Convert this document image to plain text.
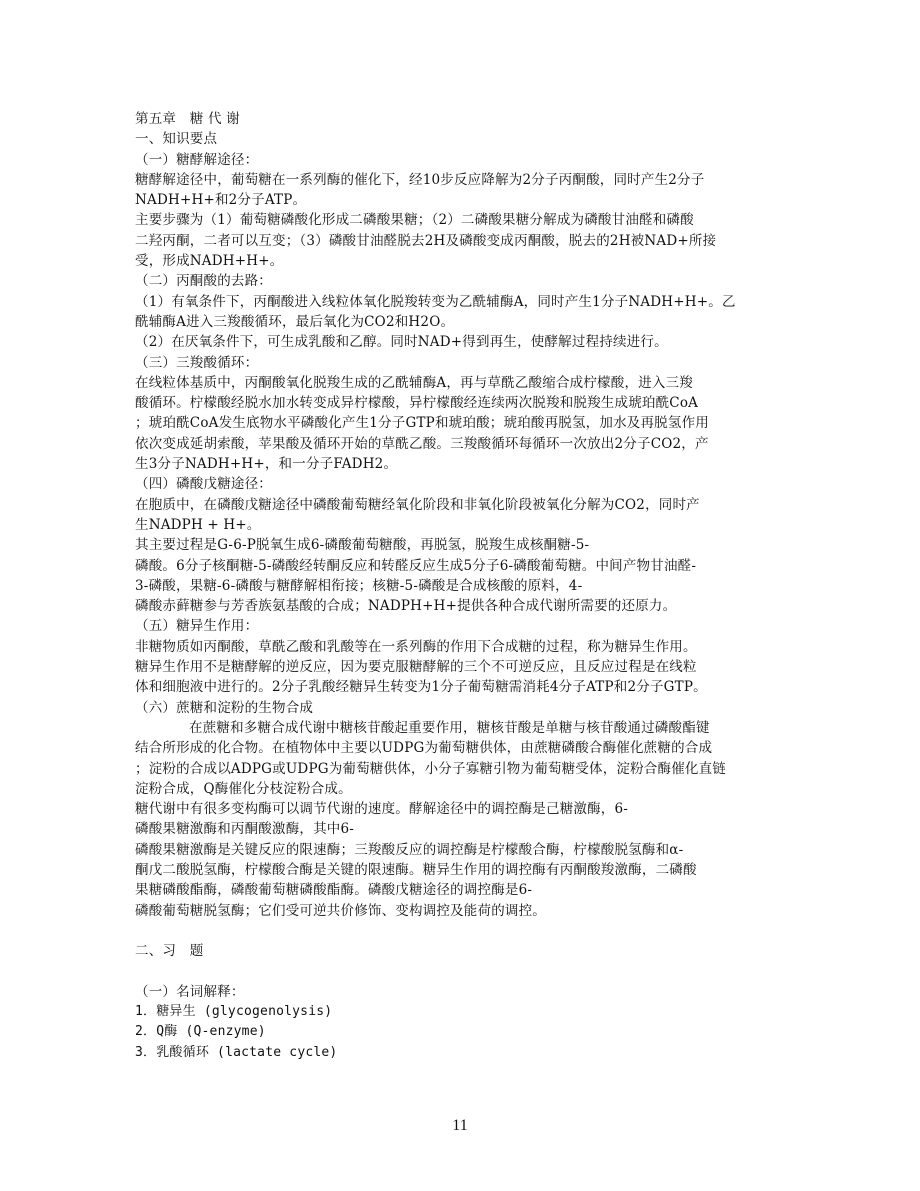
第五章　糖 代 谢
一、知识要点
（一）糖酵解途径：
糖酵解途径中，葡萄糖在一系列酶的催化下，经10步反应降解为2分子丙酮酸，同时产生2分子
NADH+H+和2分子ATP。
主要步骤为（1）葡萄糖磷酸化形成二磷酸果糖；（2）二磷酸果糖分解成为磷酸甘油醛和磷酸
二羟丙酮，二者可以互变；（3）磷酸甘油醛脱去2H及磷酸变成丙酮酸，脱去的2H被NAD+所接
受，形成NADH+H+。
（二）丙酮酸的去路：
（1）有氧条件下，丙酮酸进入线粒体氧化脱羧转变为乙酰辅酶A，同时产生1分子NADH+H+。乙
酰辅酶A进入三羧酸循环，最后氧化为CO2和H2O。
（2）在厌氧条件下，可生成乳酸和乙醇。同时NAD+得到再生，使酵解过程持续进行。
（三）三羧酸循环：
在线粒体基质中，丙酮酸氧化脱羧生成的乙酰辅酶A，再与草酰乙酸缩合成柠檬酸，进入三羧
酸循环。柠檬酸经脱水加水转变成异柠檬酸，异柠檬酸经连续两次脱羧和脱羧生成琥珀酰CoA
；琥珀酰CoA发生底物水平磷酸化产生1分子GTP和琥珀酸；琥珀酸再脱氢，加水及再脱氢作用
依次变成延胡索酸，苹果酸及循环开始的草酰乙酸。三羧酸循环每循环一次放出2分子CO2，产
生3分子NADH+H+，和一分子FADH2。
（四）磷酸戊糖途径：
在胞质中，在磷酸戊糖途径中磷酸葡萄糖经氧化阶段和非氧化阶段被氧化分解为CO2，同时产
生NADPH + H+。
其主要过程是G-6-P脱氧生成6-磷酸葡萄糖酸，再脱氢，脱羧生成核酮糖-5-
磷酸。6分子核酮糖-5-磷酸经转酮反应和转醛反应生成5分子6-磷酸葡萄糖。中间产物甘油醛-
3-磷酸，果糖-6-磷酸与糖酵解相衔接；核糖-5-磷酸是合成核酸的原料，4-
磷酸赤藓糖参与芳香族氨基酸的合成；NADPH+H+提供各种合成代谢所需要的还原力。
（五）糖异生作用：
非糖物质如丙酮酸，草酰乙酸和乳酸等在一系列酶的作用下合成糖的过程，称为糖异生作用。
糖异生作用不是糖酵解的逆反应，因为要克服糖酵解的三个不可逆反应，且反应过程是在线粒
体和细胞液中进行的。2分子乳酸经糖异生转变为1分子葡萄糖需消耗4分子ATP和2分子GTP。
（六）蔗糖和淀粉的生物合成
在蔗糖和多糖合成代谢中糖核苷酸起重要作用，糖核苷酸是单糖与核苷酸通过磷酸酯键
结合所形成的化合物。在植物体中主要以UDPG为葡萄糖供体，由蔗糖磷酸合酶催化蔗糖的合成
；淀粉的合成以ADPG或UDPG为葡萄糖供体，小分子寡糖引物为葡萄糖受体，淀粉合酶催化直链
淀粉合成，Q酶催化分枝淀粉合成。
糖代谢中有很多变构酶可以调节代谢的速度。酵解途径中的调控酶是己糖激酶，6-
磷酸果糖激酶和丙酮酸激酶，其中6-
磷酸果糖激酶是关键反应的限速酶；三羧酸反应的调控酶是柠檬酸合酶，柠檬酸脱氢酶和α-
酮戊二酸脱氢酶，柠檬酸合酶是关键的限速酶。糖异生作用的调控酶有丙酮酸羧激酶，二磷酸
果糖磷酸酯酶，磷酸葡萄糖磷酸酯酶。磷酸戊糖途径的调控酶是6-
磷酸葡萄糖脱氢酶；它们受可逆共价修饰、变构调控及能荷的调控。
二、习　题
（一）名词解释：
1．糖异生 (glycogenolysis)
2．Q酶 (Q-enzyme)
3．乳酸循环 (lactate cycle)
11
